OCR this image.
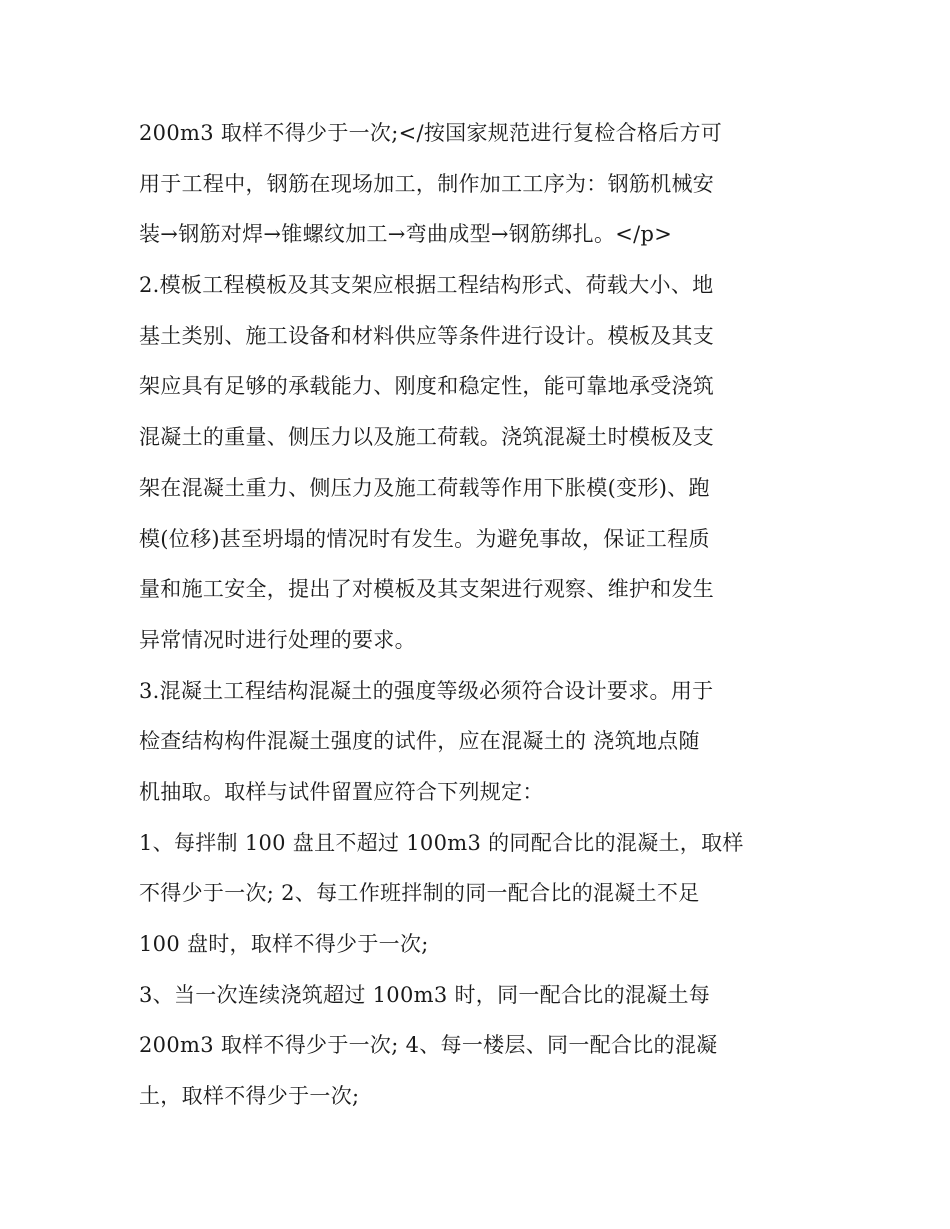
200m3 取样不得少于一次;</按国家规范进行复检合格后方可
用于工程中，钢筋在现场加工，制作加工工序为：钢筋机械安
装→钢筋对焊→锥螺纹加工→弯曲成型→钢筋绑扎。</p>
2.模板工程模板及其支架应根据工程结构形式、荷载大小、地
基土类别、施工设备和材料供应等条件进行设计。模板及其支
架应具有足够的承载能力、刚度和稳定性，能可靠地承受浇筑
混凝土的重量、侧压力以及施工荷载。浇筑混凝土时模板及支
架在混凝土重力、侧压力及施工荷载等作用下胀模(变形)、跑
模(位移)甚至坍塌的情况时有发生。为避免事故，保证工程质
量和施工安全，提出了对模板及其支架进行观察、维护和发生
异常情况时进行处理的要求。
3.混凝土工程结构混凝土的强度等级必须符合设计要求。用于
检查结构构件混凝土强度的试件，应在混凝土的 浇筑地点随
机抽取。取样与试件留置应符合下列规定：
1、每拌制 100 盘且不超过 100m3 的同配合比的混凝土，取样
不得少于一次; 2、每工作班拌制的同一配合比的混凝土不足
100 盘时，取样不得少于一次;
3、当一次连续浇筑超过 100m3 时，同一配合比的混凝土每
200m3 取样不得少于一次; 4、每一楼层、同一配合比的混凝
土，取样不得少于一次;
